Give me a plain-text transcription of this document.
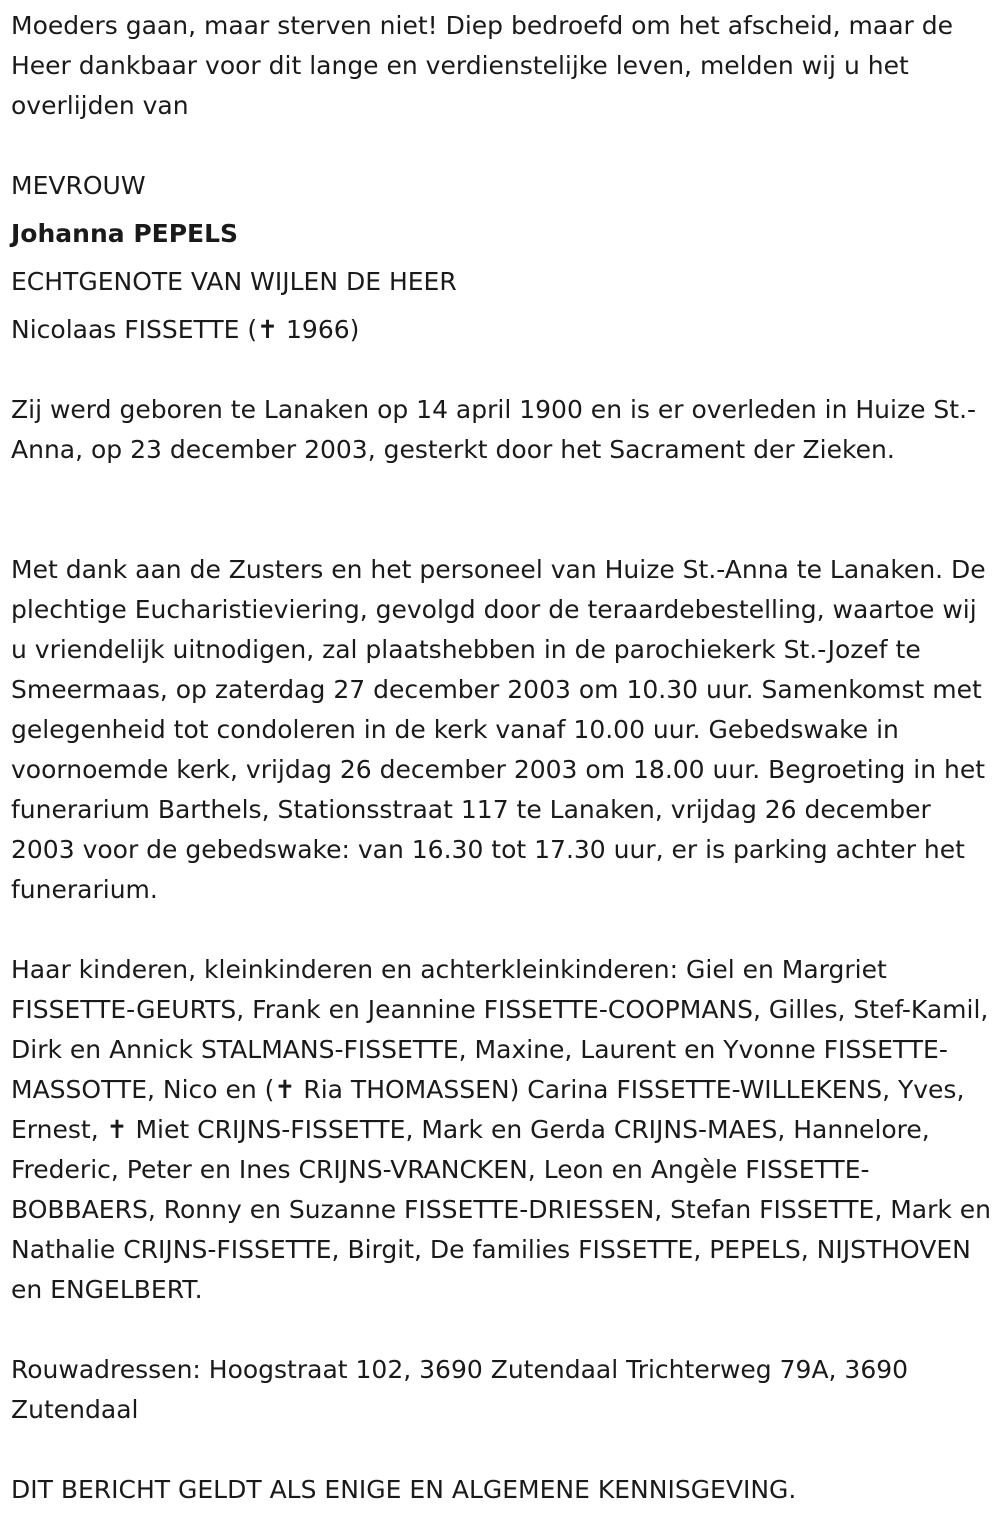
Moeders gaan, maar sterven niet! Diep bedroefd om het afscheid, maar de Heer dankbaar voor dit lange en verdienstelijke leven, melden wij u het overlijden van

MEVROUW

Johanna PEPELS

ECHTGENOTE VAN WIJLEN DE HEER

Nicolaas FISSETTE (✝ 1966)

Zij werd geboren te Lanaken op 14 april 1900 en is er overleden in Huize St.-Anna, op 23 december 2003, gesterkt door het Sacrament der Zieken.

Met dank aan de Zusters en het personeel van Huize St.-Anna te Lanaken. De plechtige Eucharistieviering, gevolgd door de teraardebestelling, waartoe wij u vriendelijk uitnodigen, zal plaatshebben in de parochiekerk St.-Jozef te Smeermaas, op zaterdag 27 december 2003 om 10.30 uur. Samenkomst met gelegenheid tot condoleren in de kerk vanaf 10.00 uur. Gebedswake in voornoemde kerk, vrijdag 26 december 2003 om 18.00 uur. Begroeting in het funerarium Barthels, Stationsstraat 117 te Lanaken, vrijdag 26 december 2003 voor de gebedswake: van 16.30 tot 17.30 uur, er is parking achter het funerarium.

Haar kinderen, kleinkinderen en achterkleinkinderen: Giel en Margriet FISSETTE-GEURTS, Frank en Jeannine FISSETTE-COOPMANS, Gilles, Stef-Kamil, Dirk en Annick STALMANS-FISSETTE, Maxine, Laurent en Yvonne FISSETTE-MASSOTTE, Nico en (✝ Ria THOMASSEN) Carina FISSETTE-WILLEKENS, Yves, Ernest, ✝ Miet CRIJNS-FISSETTE, Mark en Gerda CRIJNS-MAES, Hannelore, Frederic, Peter en Ines CRIJNS-VRANCKEN, Leon en Angèle FISSETTE-BOBBAERS, Ronny en Suzanne FISSETTE-DRIESSEN, Stefan FISSETTE, Mark en Nathalie CRIJNS-FISSETTE, Birgit, De families FISSETTE, PEPELS, NIJSTHOVEN en ENGELBERT.

Rouwadressen: Hoogstraat 102, 3690 Zutendaal Trichterweg 79A, 3690 Zutendaal

DIT BERICHT GELDT ALS ENIGE EN ALGEMENE KENNISGEVING.
